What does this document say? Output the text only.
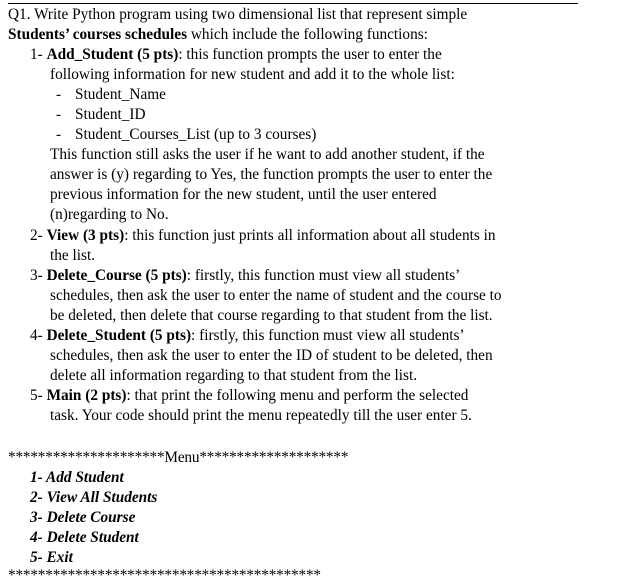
Q1. Write Python program using two dimensional list that represent simple
Students’ courses schedules which include the following functions:
1- Add_Student (5 pts): this function prompts the user to enter the
following information for new student and add it to the whole list:
- Student_Name
- Student_ID
- Student_Courses_List (up to 3 courses)
This function still asks the user if he want to add another student, if the
answer is (y) regarding to Yes, the function prompts the user to enter the
previous information for the new student, until the user entered
(n)regarding to No.
2- View (3 pts): this function just prints all information about all students in
the list.
3- Delete_Course (5 pts): firstly, this function must view all students’
schedules, then ask the user to enter the name of student and the course to
be deleted, then delete that course regarding to that student from the list.
4- Delete_Student (5 pts): firstly, this function must view all students’
schedules, then ask the user to enter the ID of student to be deleted, then
delete all information regarding to that student from the list.
5- Main (2 pts): that print the following menu and perform the selected
task. Your code should print the menu repeatedly till the user enter 5.
*********************Menu********************
1- Add Student
2- View All Students
3- Delete Course
4- Delete Student
5- Exit
******************************************
